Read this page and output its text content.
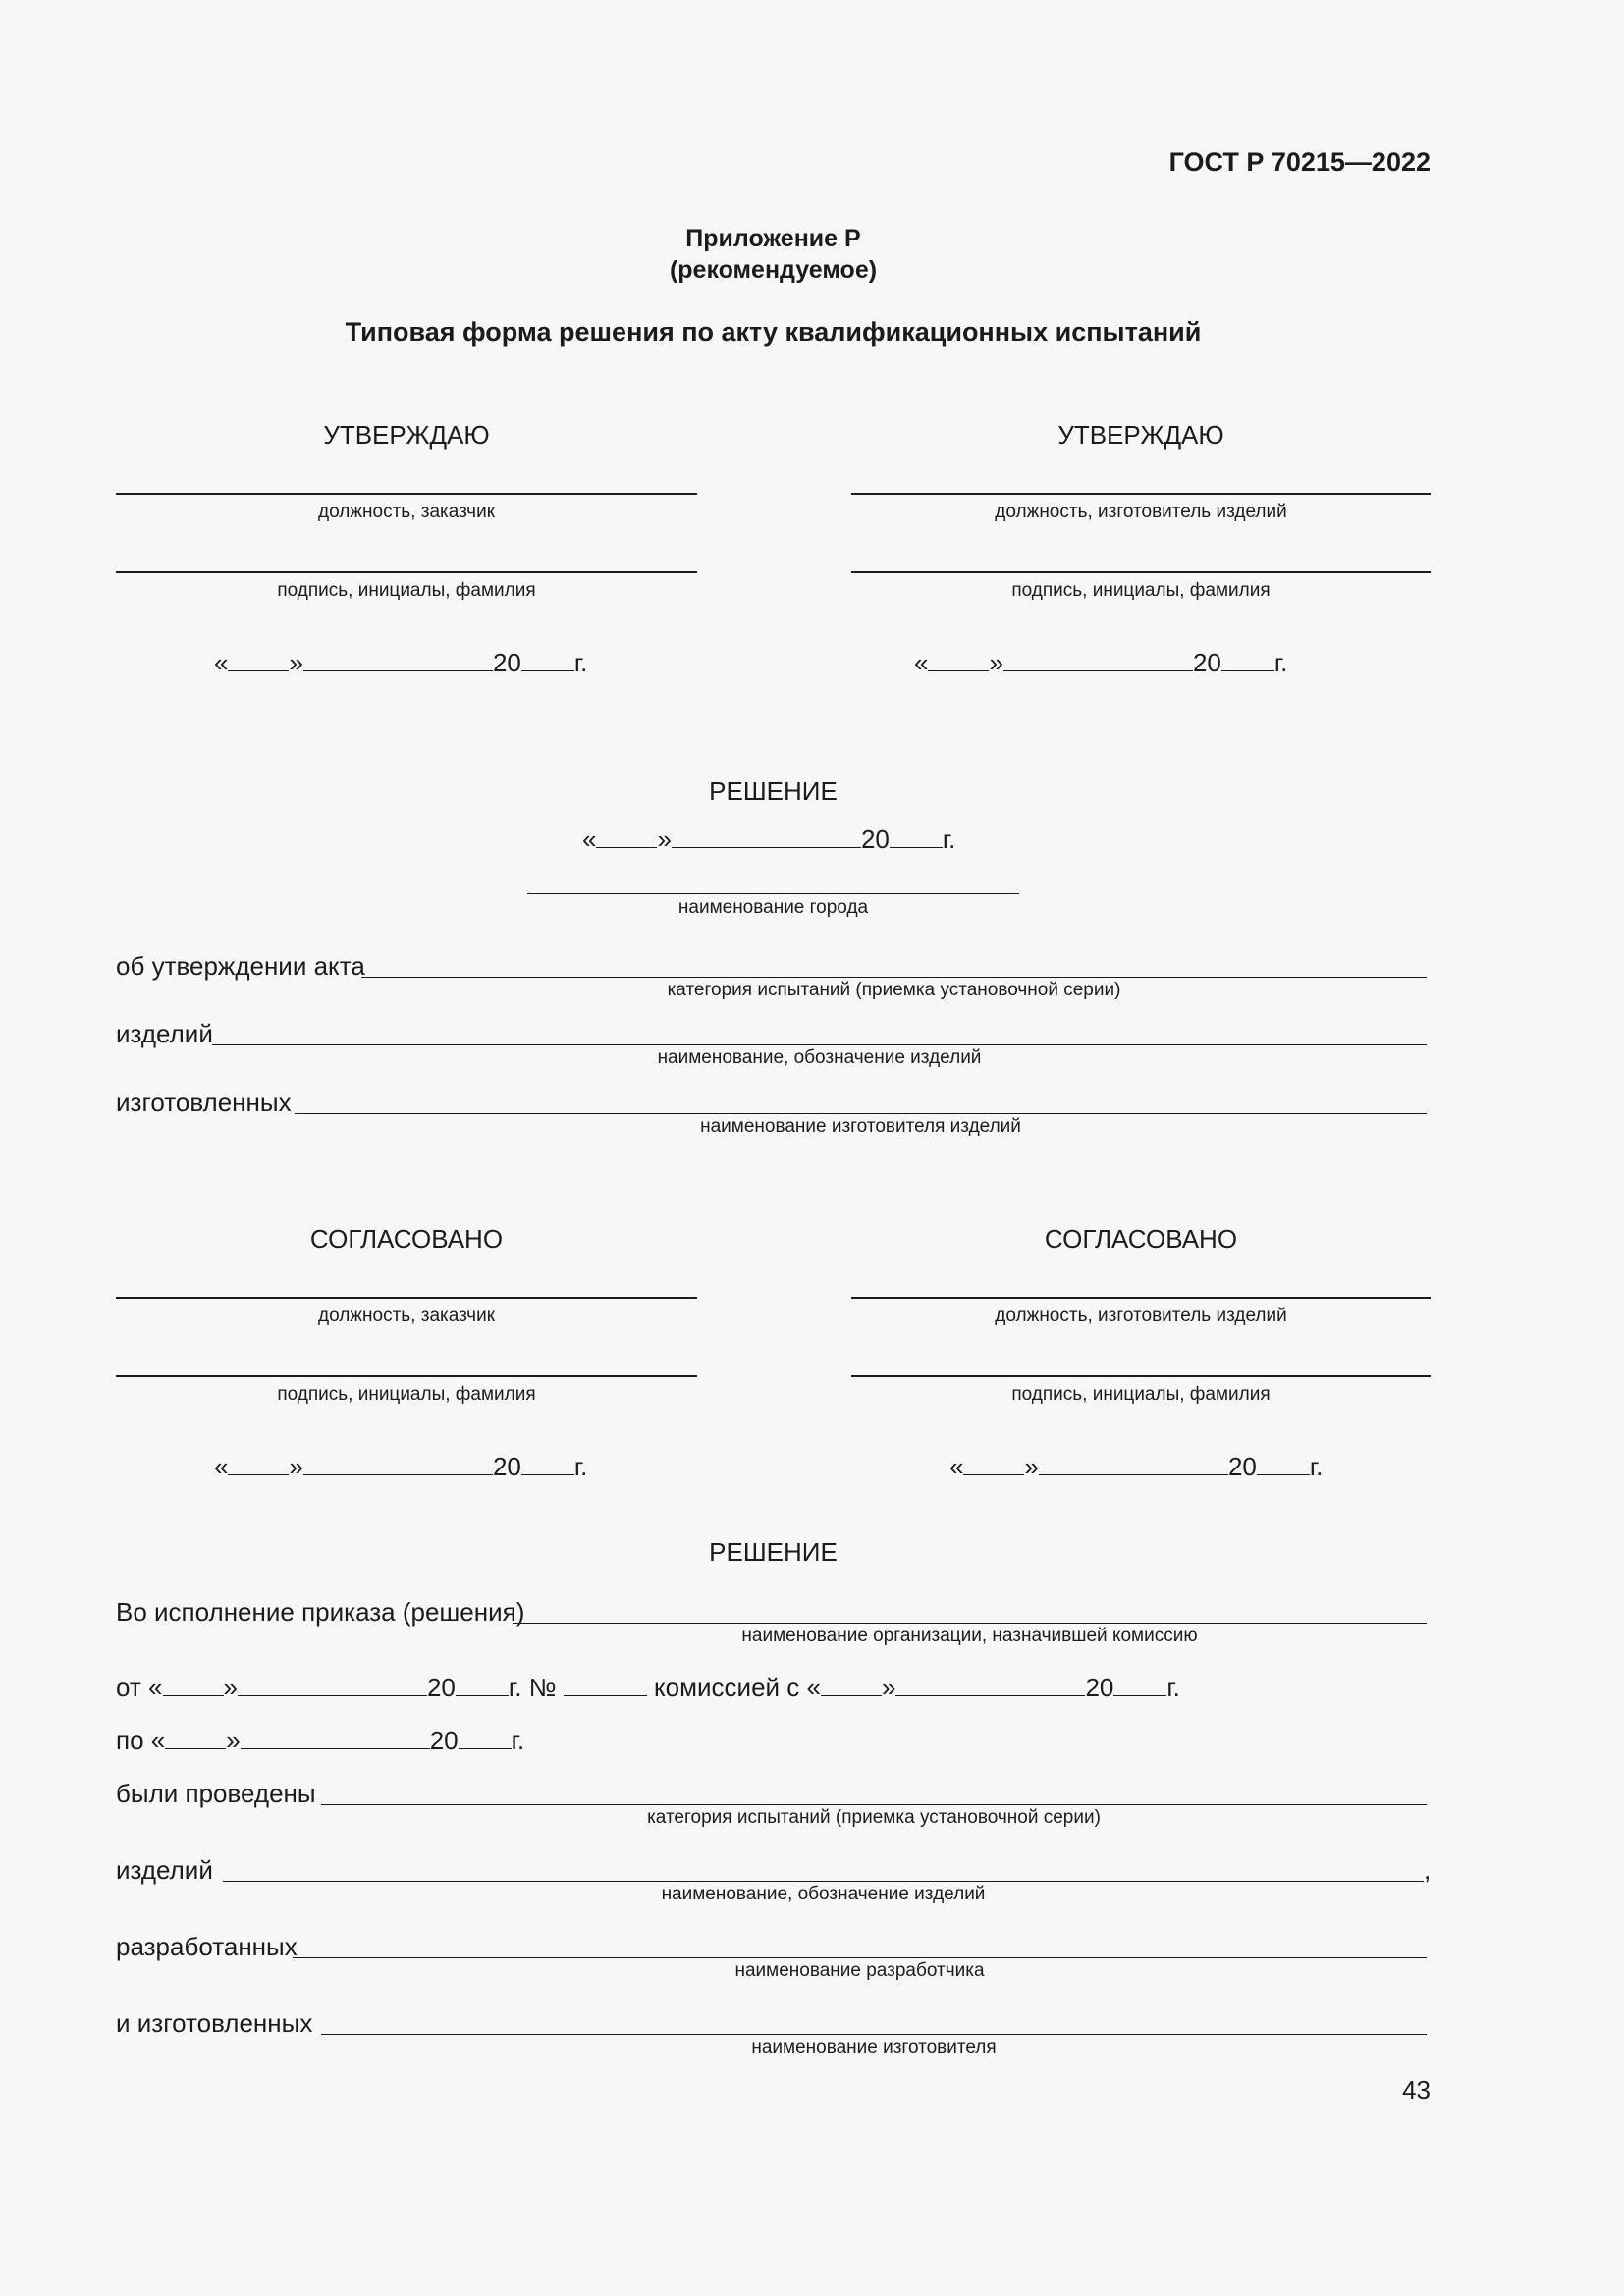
ГОСТ Р 70215—2022
Приложение Р
(рекомендуемое)
Типовая форма решения по акту квалификационных испытаний
УТВЕРЖДАЮ
должность, заказчик
подпись, инициалы, фамилия
« »	20 г.
УТВЕРЖДАЮ
должность, изготовитель изделий
подпись, инициалы, фамилия
« »	20 г.
РЕШЕНИЕ
« »	20 г.
наименование города
об утверждении акта
категория испытаний (приемка установочной серии)
изделий
наименование, обозначение изделий
изготовленных
наименование изготовителя изделий
СОГЛАСОВАНО
должность, заказчик
подпись, инициалы, фамилия
« »	20 г.
СОГЛАСОВАНО
должность, изготовитель изделий
подпись, инициалы, фамилия
« »	20 г.
РЕШЕНИЕ
Во исполнение приказа (решения)
наименование организации, назначившей комиссию
от « »	20 г. №	комиссией с « »	20 г.
по « »	20 г.
были проведены
категория испытаний (приемка установочной серии)
изделий	,
наименование, обозначение изделий
разработанных
наименование разработчика
и изготовленных
наименование изготовителя
43
